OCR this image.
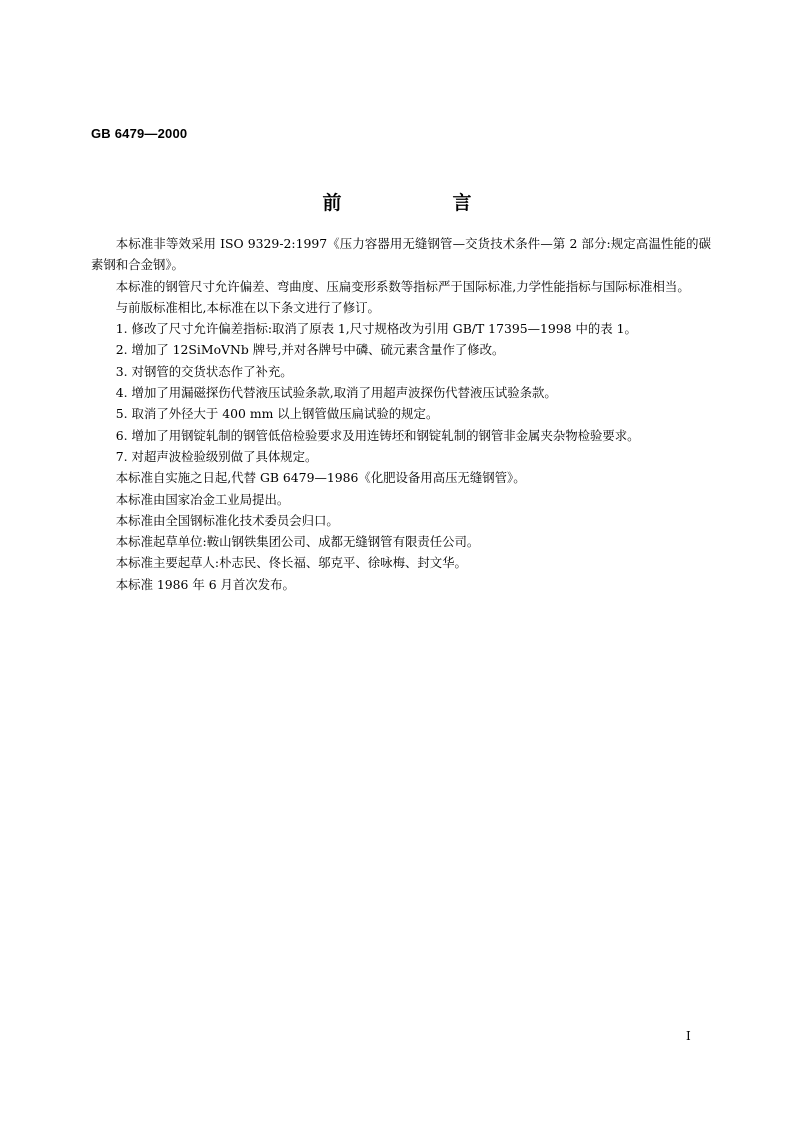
GB 6479—2000
前　言

本标准非等效采用 ISO 9329-2:1997《压力容器用无缝钢管—交货技术条件—第 2 部分:规定高温性能的碳素钢和合金钢》。

本标准的钢管尺寸允许偏差、弯曲度、压扁变形系数等指标严于国际标准,力学性能指标与国际标准相当。

与前版标准相比,本标准在以下条文进行了修订。

1. 修改了尺寸允许偏差指标:取消了原表 1,尺寸规格改为引用 GB/T 17395—1998 中的表 1。

2. 增加了 12SiMoVNb 牌号,并对各牌号中磷、硫元素含量作了修改。

3. 对钢管的交货状态作了补充。

4. 增加了用漏磁探伤代替液压试验条款,取消了用超声波探伤代替液压试验条款。

5. 取消了外径大于 400 mm 以上钢管做压扁试验的规定。

6. 增加了用钢锭轧制的钢管低倍检验要求及用连铸坯和钢锭轧制的钢管非金属夹杂物检验要求。

7. 对超声波检验级别做了具体规定。

本标准自实施之日起,代替 GB 6479—1986《化肥设备用高压无缝钢管》。

本标准由国家冶金工业局提出。

本标准由全国钢标准化技术委员会归口。

本标准起草单位:鞍山钢铁集团公司、成都无缝钢管有限责任公司。

本标准主要起草人:朴志民、佟长福、邬克平、徐咏梅、封文华。

本标准 1986 年 6 月首次发布。

I
